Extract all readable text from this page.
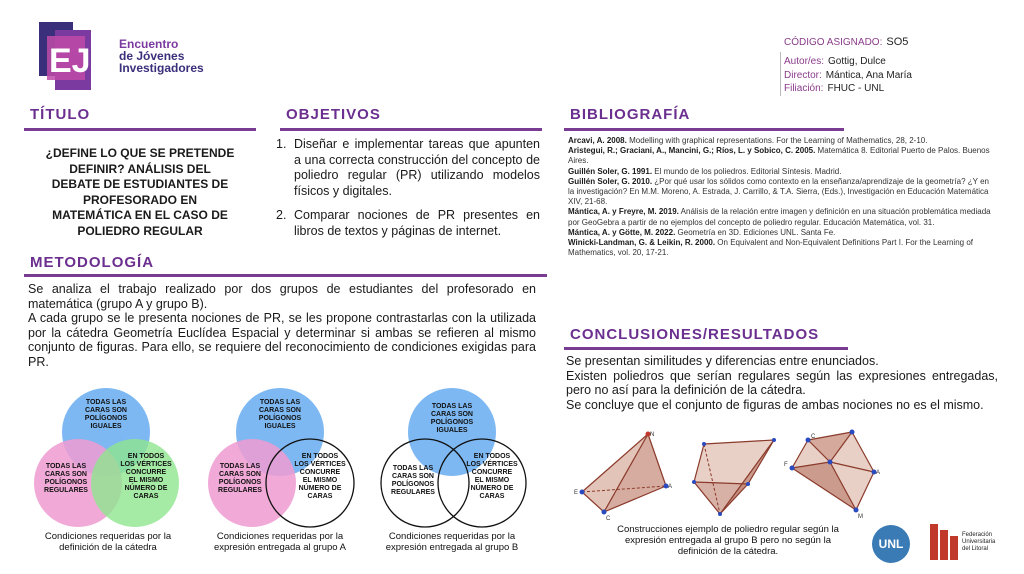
EJI Encuentro
de Jóvenes
Investigadores
CÓDIGO ASIGNADO: SO5
Autor/es: Gottig, Dulce
Director: Mántica, Ana María
Filiación: FHUC - UNL
TÍTULO
¿DEFINE LO QUE SE PRETENDE
DEFINIR? ANÁLISIS DEL
DEBATE DE ESTUDIANTES DE
PROFESORADO EN
MATEMÁTICA EN EL CASO DE
POLIEDRO REGULAR
OBJETIVOS
1. Diseñar e implementar tareas que apunten a una correcta construcción del concepto de poliedro regular (PR) utilizando modelos físicos y digitales.
2. Comparar nociones de PR presentes en libros de textos y páginas de internet.
METODOLOGÍA

Se analiza el trabajo realizado por dos grupos de estudiantes del profesorado en matemática (grupo A y grupo B).

A cada grupo se le presenta nociones de PR, se les propone contrastarlas con la utilizada por la cátedra Geometría Euclídea Espacial y determinar si ambas se refieren al mismo conjunto de figuras. Para ello, se requiere del reconocimiento de condiciones exigidas para PR.

TODAS LAS
CARAS SON
POLÍGONOS
IGUALES
TODAS LAS
CARAS SON
POLÍGONOS
REGULARES
EN TODOS
LOS VÉRTICES
CONCURRE
EL MISMO
NÚMERO DE
CARAS
TODAS LAS
CARAS SON
POLÍGONOS
IGUALES
TODAS LAS
CARAS SON
POLÍGONOS
REGULARES
EN TODOS
LOS VÉRTICES
CONCURRE
EL MISMO
NÚMERO DE
CARAS
TODAS LAS
CARAS SON
POLÍGONOS
IGUALES
TODAS LAS
CARAS SON
POLÍGONOS
REGULARES
EN TODOS
LOS VÉRTICES
CONCURRE
EL MISMO
NÚMERO DE
CARAS
Condiciones requeridas por la
definición de la cátedra
Condiciones requeridas por la
expresión entregada al grupo A
Condiciones requeridas por la
expresión entregada al grupo B
BIBLIOGRAFÍA

Arcavi, A. 2008. Modelling with graphical representations. For the Learning of Mathematics, 28, 2-10.

Aristegui, R.; Graciani, A., Mancini, G.; Ríos, L. y Sobico, C. 2005. Matemática 8. Editorial Puerto de Palos. Buenos Aires.

Guillén Soler, G. 1991. El mundo de los poliedros. Editorial Síntesis. Madrid.

Guillén Soler, G. 2010. ¿Por qué usar los sólidos como contexto en la enseñanza/aprendizaje de la geometría? ¿Y en la investigación? En M.M. Moreno, A. Estrada, J. Carrillo, & T.A. Sierra, (Eds.), Investigación en Educación Matemática XIV, 21-68.

Mántica, A. y Freyre, M. 2019. Análisis de la relación entre imagen y definición en una situación problemática mediada por GeoGebra a partir de no ejemplos del concepto de poliedro regular. Educación Matemática, vol. 31.

Mántica, A. y Götte, M. 2022. Geometría en 3D. Ediciones UNL. Santa Fe.

Winicki-Landman, G. & Leikin, R. 2000. On Equivalent and Non-Equivalent Definitions Part I. For the Learning of Mathematics, vol. 20, 17-21.

CONCLUSIONES/RESULTADOS

Se presentan similitudes y diferencias entre enunciados.

Existen poliedros que serían regulares según las expresiones entregadas, pero no así para la definición de la cátedra.

Se concluye que el conjunto de figuras de ambas nociones no es el mismo.

N
E
A
C
C
F
A
M
Construcciones ejemplo de poliedro regular según la
expresión entregada al grupo B pero no según la
definición de la cátedra.
UNL
Federación
Universitaria
del Litoral
